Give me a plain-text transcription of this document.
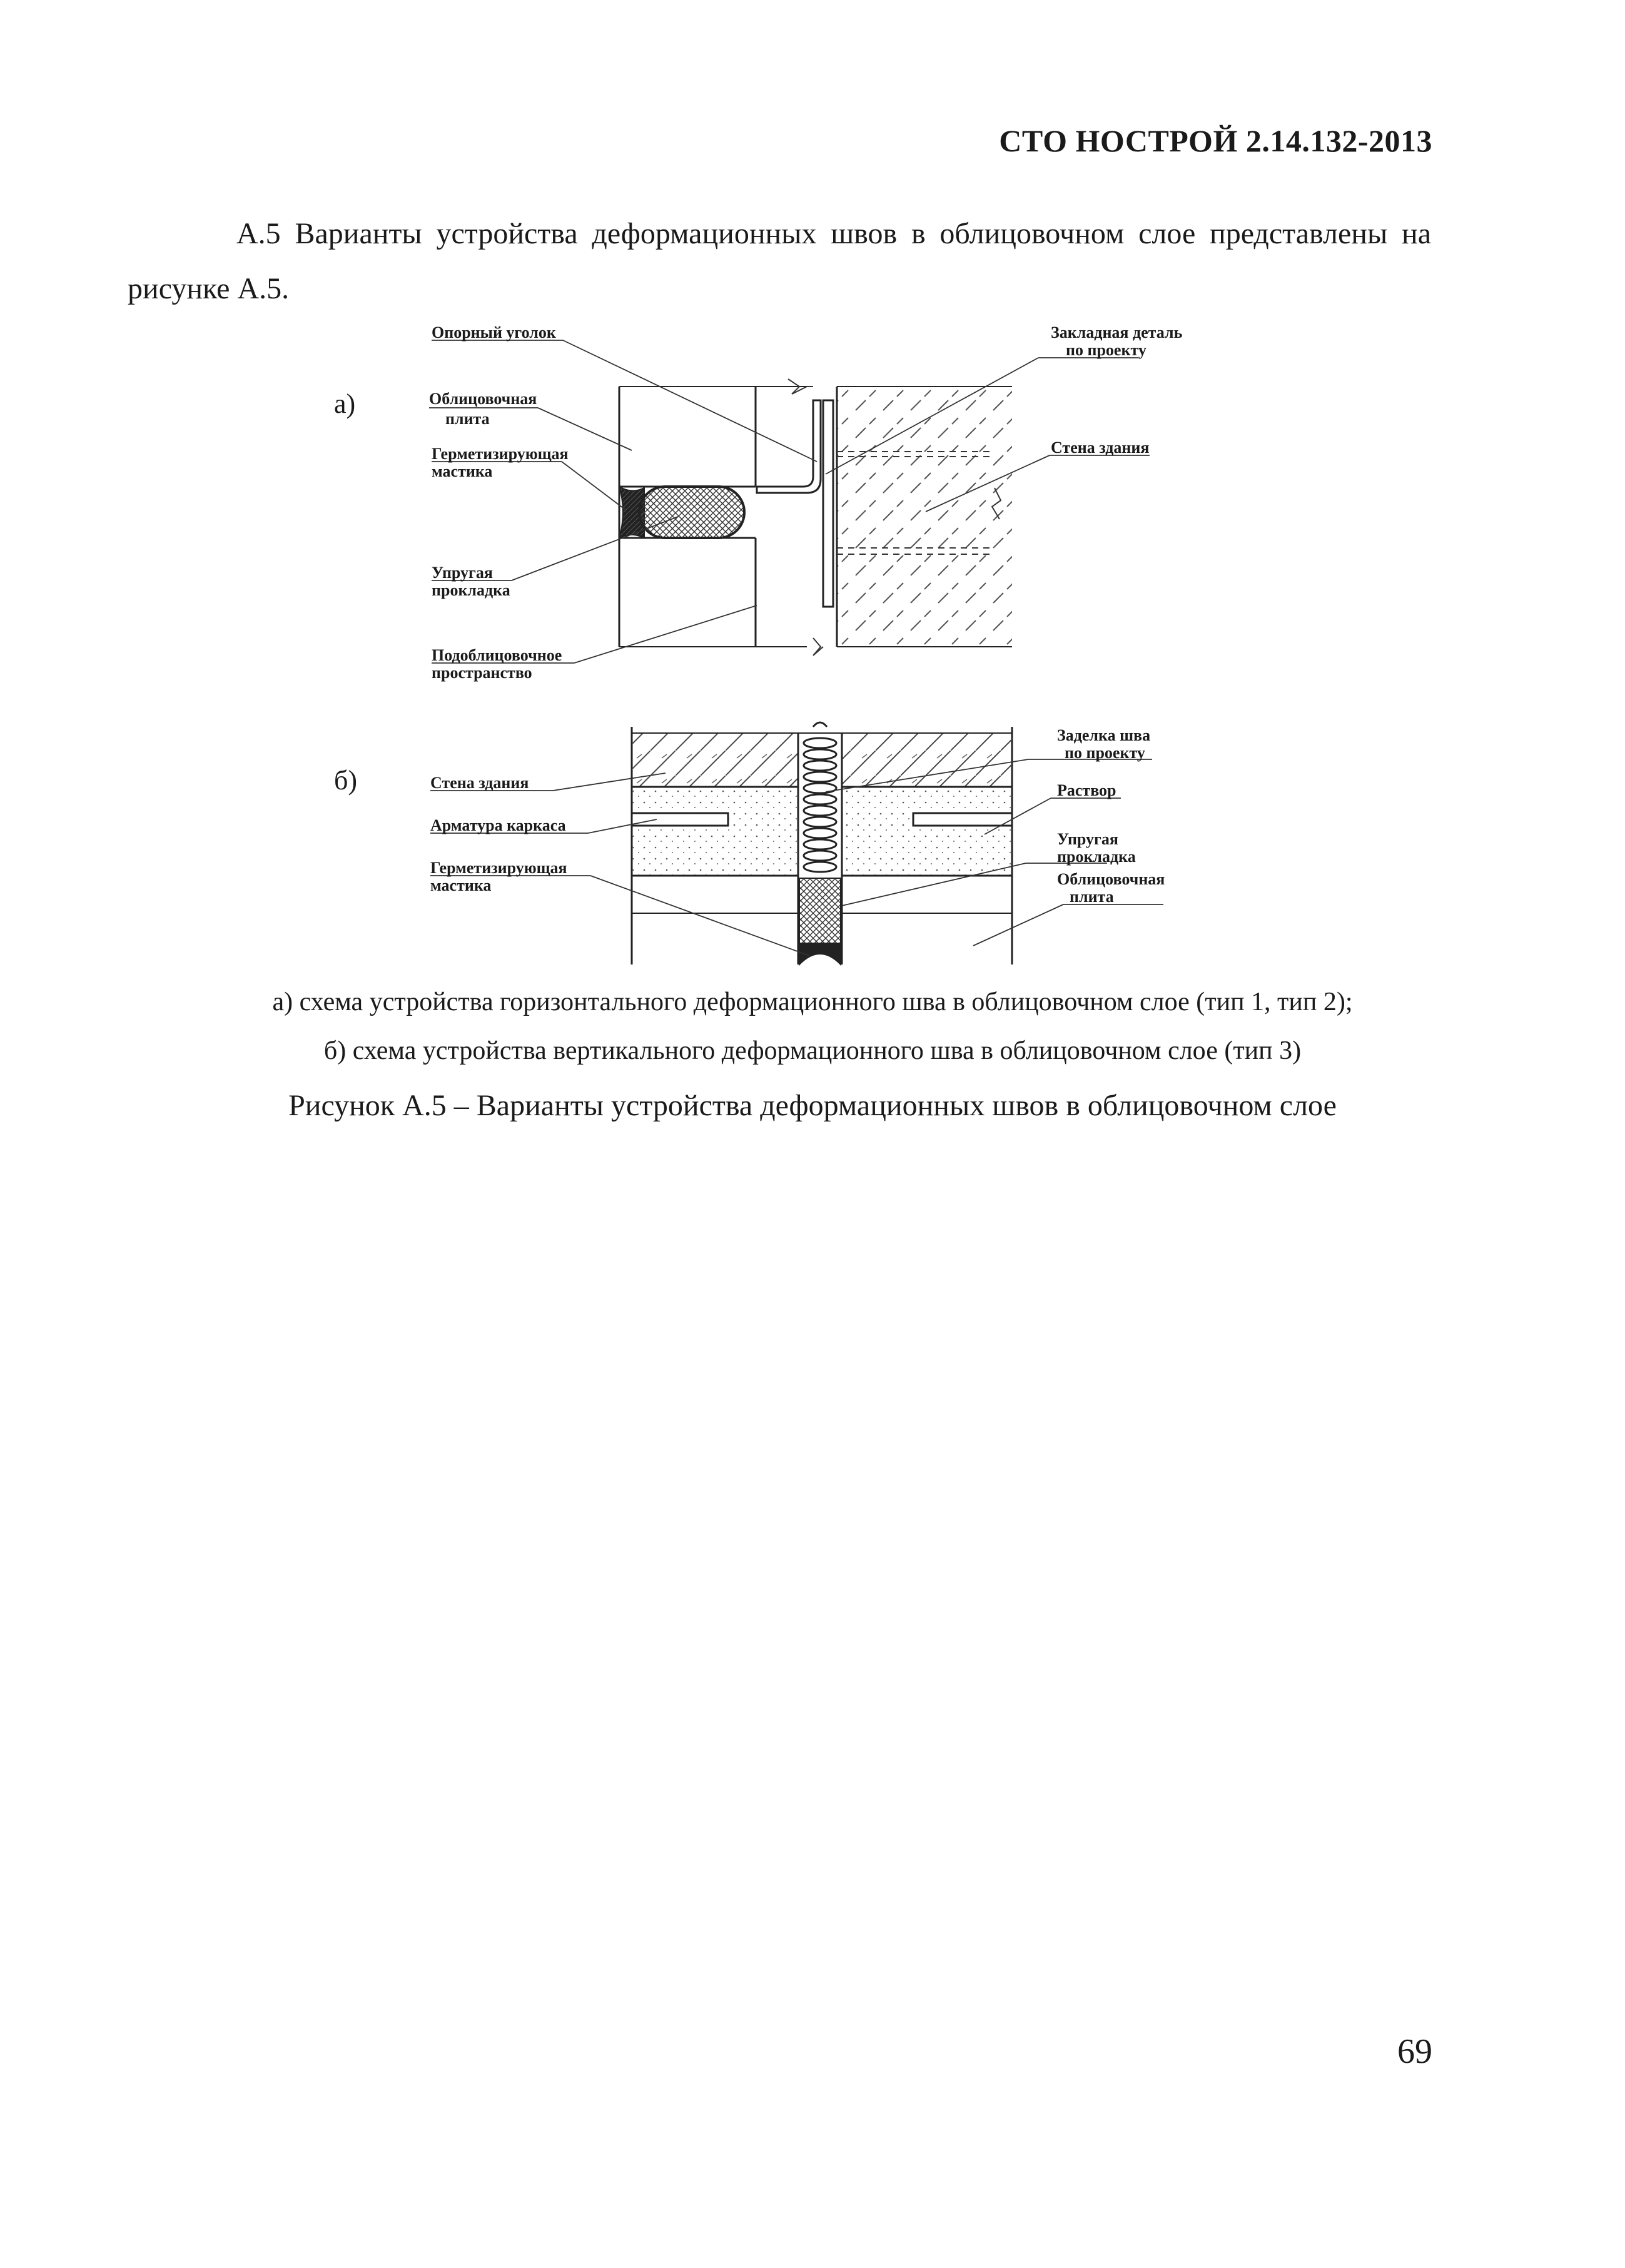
СТО НОСТРОЙ 2.14.132-2013
А.5 Варианты устройства деформационных швов в облицовочном слое представлены на
рисунке А.5.
а)
Опорный уголок	Закладная деталь
по проекту
Облицовочная
плита
Герметизирующая
мастика
Стена здания
Упругая
прокладка
Подоблицовочное
пространство
б)	Стена здания
Заделка шва
по проекту
Раствор
Арматура каркаса
Упругая
прокладка
Герметизирующая
мастика	Облицовочная
плита
а) схема устройства горизонтального деформационного шва в облицовочном слое (тип 1, тип 2);
б) схема устройства вертикального деформационного шва в облицовочном слое (тип 3)
Рисунок А.5 – Варианты устройства деформационных швов в облицовочном слое
69
